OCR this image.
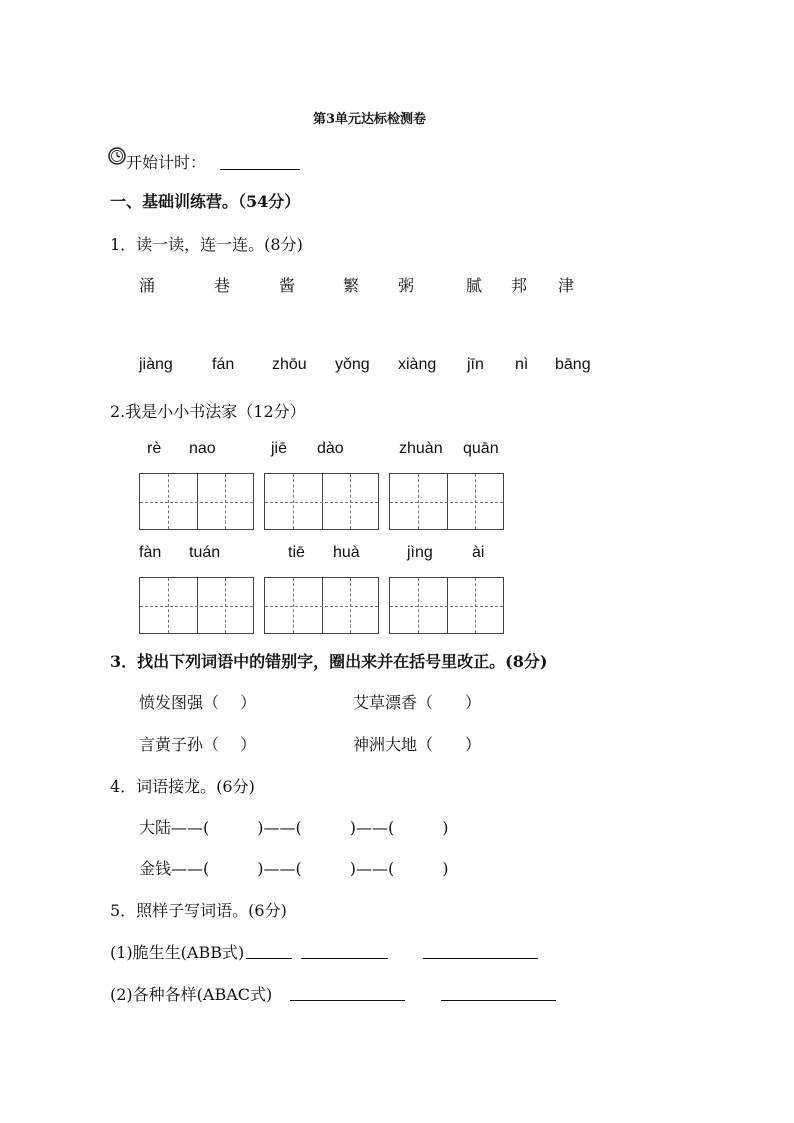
第3单元达标检测卷
开始计时：
一、基础训练营。（54分）
1．读一读，连一连。(8分)
涌	巷	酱	繁 粥	腻 邦 津
jiàng fán zhōu yǒng xiàng jīn nì bāng
2.我是小小书法家（12分）
rè nao	jiē dào	zhuàn quān
fàn tuán	tiē huà	jìng ài
3．找出下列词语中的错别字，圈出来并在括号里改正。(8分)
愤发图强（　 ）	艾草漂香（　　）
言黄子孙（　 ）	神洲大地（　　）
4．词语接龙。(6分)
大陆——(　　　)——(　　　)——(　　　)
金钱——(　　　)——(　　　)——(　　　)
5．照样子写词语。(6分)
(1)脆生生(ABB式)
(2)各种各样(ABAC式)
